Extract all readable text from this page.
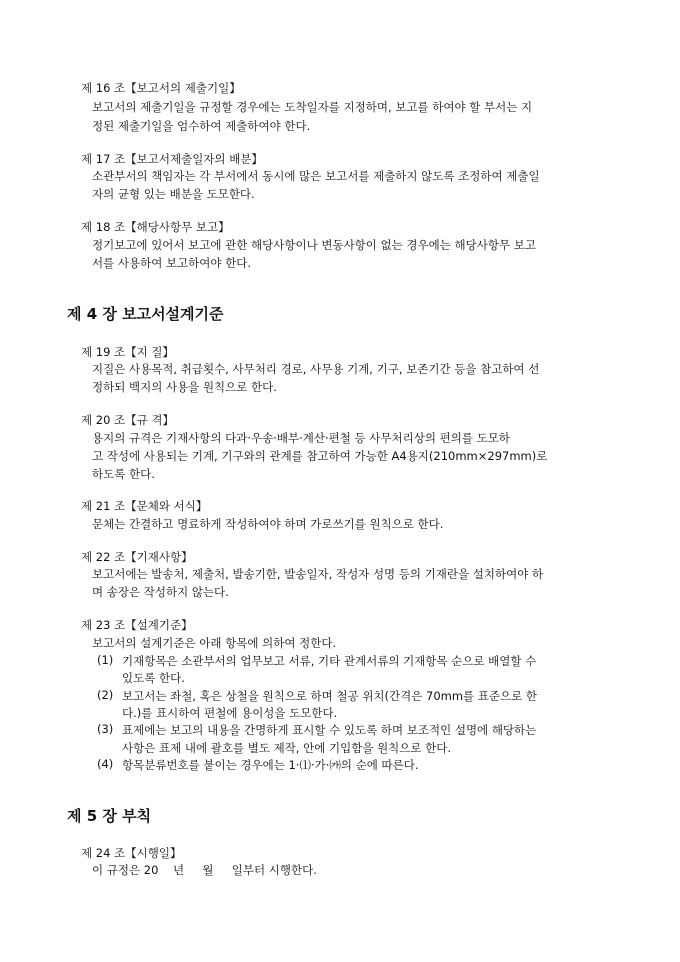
제 16 조【보고서의 제출기일】
보고서의 제출기일을 규정할 경우에는 도착일자를 지정하며, 보고를 하여야 할 부서는 지
정된 제출기일을 엄수하여 제출하여야 한다.
제 17 조【보고서제출일자의 배분】
소관부서의 책임자는 각 부서에서 동시에 많은 보고서를 제출하지 않도록 조정하여 제출일
자의 균형 있는 배분을 도모한다.
제 18 조【해당사항무 보고】
정기보고에 있어서 보고에 관한 해당사항이나 변동사항이 없는 경우에는 해당사항무 보고
서를 사용하여 보고하여야 한다.
제 4 장 보고서설계기준
제 19 조【지 질】
지질은 사용목적, 취급횟수, 사무처리 경로, 사무용 기계, 기구, 보존기간 등을 참고하여 선
정하되 백지의 사용을 원칙으로 한다.
제 20 조【규 격】
용지의 규격은 기재사항의 다과·우송·배부·계산·편철 등 사무처리상의 편의를 도모하
고 작성에 사용되는 기계, 기구와의 관계를 참고하여 가능한 A4용지(210mm×297mm)로
하도록 한다.
제 21 조【문체와 서식】
문체는 간결하고 명료하게 작성하여야 하며 가로쓰기를 원칙으로 한다.
제 22 조【기재사항】
보고서에는 발송처, 제출처, 발송기한, 발송일자, 작성자 성명 등의 기재란을 설치하여야 하
며 송장은 작성하지 않는다.
제 23 조【설계기준】
보고서의 설계기준은 아래 항목에 의하여 정한다.
(1) 기재항목은 소관부서의 업무보고 서류, 기타 관계서류의 기재항목 순으로 배열할 수
있도록 한다.
(2) 보고서는 좌철, 혹은 상철을 원칙으로 하며 철공 위치(간격은 70mm를 표준으로 한
다.)를 표시하여 편철에 용이성을 도모한다.
(3) 표제에는 보고의 내용을 간명하게 표시할 수 있도록 하며 보조적인 설명에 해당하는
사항은 표제 내에 괄호를 별도 제작, 안에 기입함을 원칙으로 한다.
(4) 항목분류번호를 붙이는 경우에는 1·⑴·가·㈎의 순에 따른다.
제 5 장 부칙
제 24 조【시행일】
이 규정은 20    년     월     일부터 시행한다.
